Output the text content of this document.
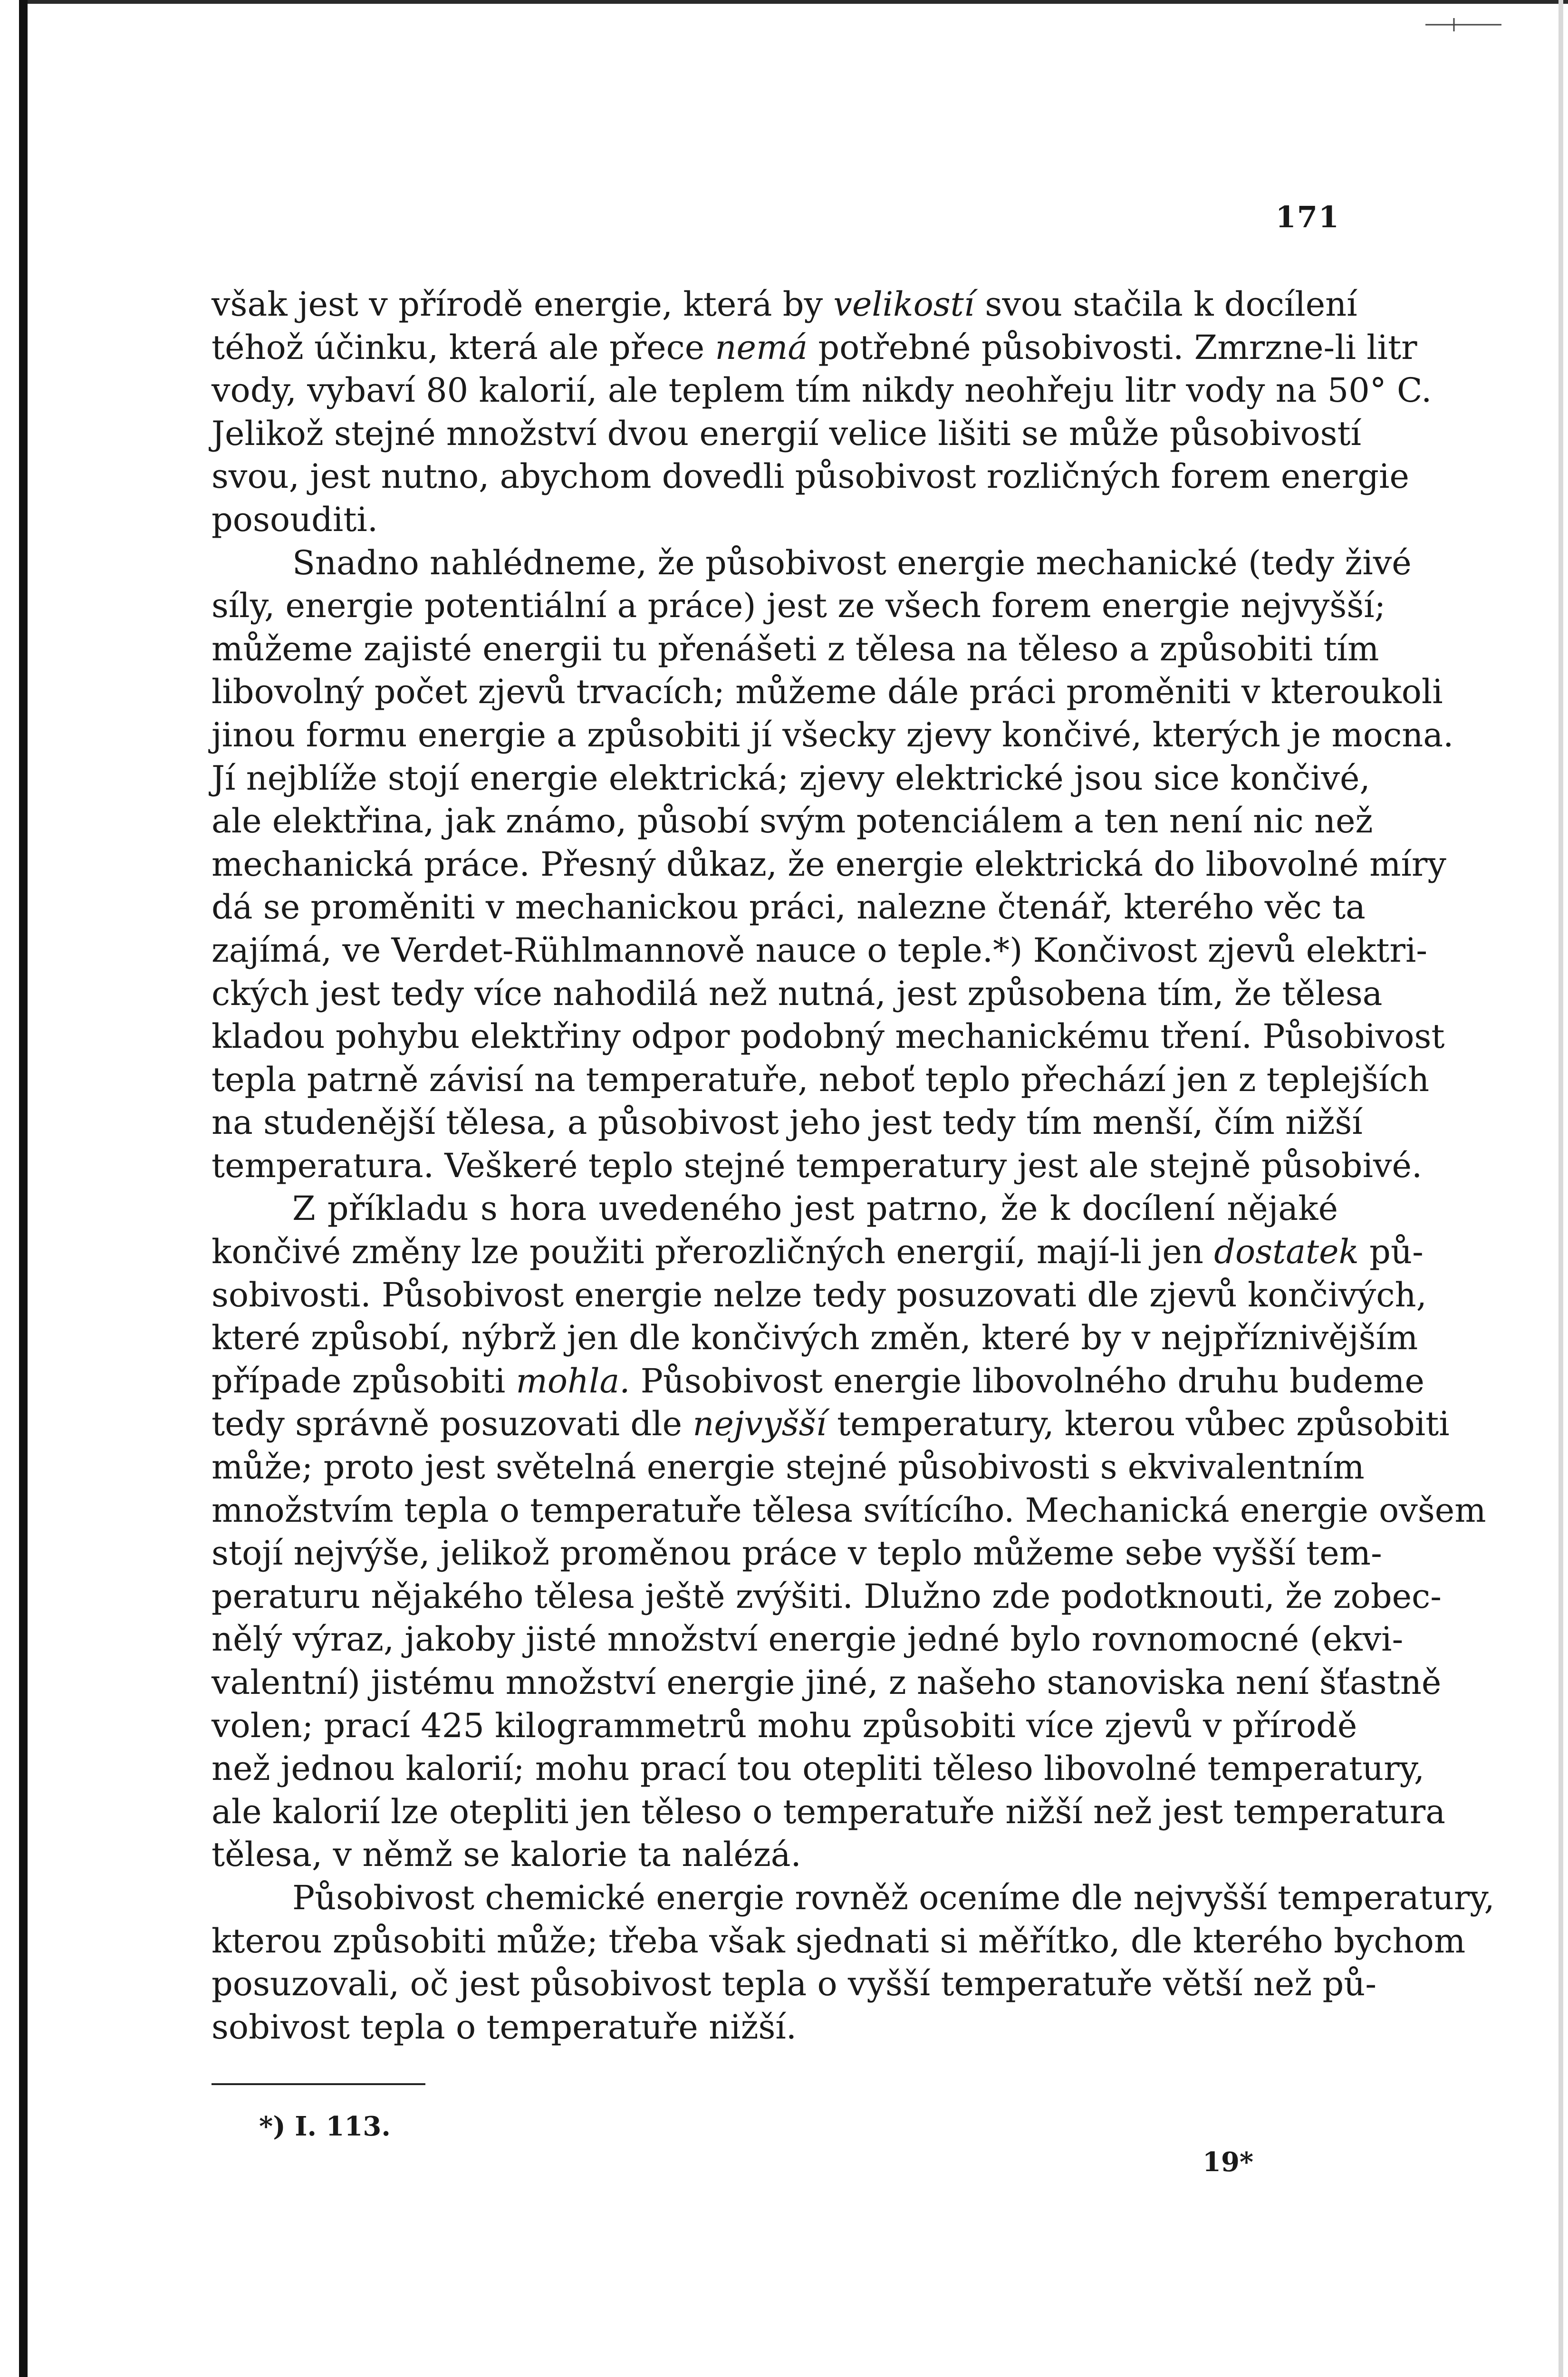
171

však jest v přírodě energie, která by velikostí svou stačila k docílení
téhož účinku, která ale přece nemá potřebné působivosti. Zmrzne-li litr
vody, vybaví 80 kalorií, ale teplem tím nikdy neohřeju litr vody na 50° C.
Jelikož stejné množství dvou energií velice lišiti se může působivostí
svou, jest nutno, abychom dovedli působivost rozličných forem energie
posouditi.

Snadno nahlédneme, že působivost energie mechanické (tedy živé
síly, energie potentiální a práce) jest ze všech forem energie nejvyšší;
můžeme zajisté energii tu přenášeti z tělesa na těleso a způsobiti tím
libovolný počet zjevů trvacích; můžeme dále práci proměniti v kteroukoli
jinou formu energie a způsobiti jí všecky zjevy končivé, kterých je mocna.
Jí nejblíže stojí energie elektrická; zjevy elektrické jsou sice končivé,
ale elektřina, jak známo, působí svým potenciálem a ten není nic než
mechanická práce. Přesný důkaz, že energie elektrická do libovolné míry
dá se proměniti v mechanickou práci, nalezne čtenář, kterého věc ta
zajímá, ve Verdet-Rühlmannově nauce o teple.*) Končivost zjevů elektri-
ckých jest tedy více nahodilá než nutná, jest způsobena tím, že tělesa
kladou pohybu elektřiny odpor podobný mechanickému tření. Působivost
tepla patrně závisí na temperatuře, neboť teplo přechází jen z teplejších
na studenější tělesa, a působivost jeho jest tedy tím menší, čím nižší
temperatura. Veškeré teplo stejné temperatury jest ale stejně působivé.

Z příkladu s hora uvedeného jest patrno, že k docílení nějaké
končivé změny lze použiti přerozličných energií, mají-li jen dostatek pů-
sobivosti. Působivost energie nelze tedy posuzovati dle zjevů končivých,
které způsobí, nýbrž jen dle končivých změn, které by v nejpříznivějším
případe způsobiti mohla. Působivost energie libovolného druhu budeme
tedy správně posuzovati dle nejvyšší temperatury, kterou vůbec způsobiti
může; proto jest světelná energie stejné působivosti s ekvivalentním
množstvím tepla o temperatuře tělesa svítícího. Mechanická energie ovšem
stojí nejvýše, jelikož proměnou práce v teplo můžeme sebe vyšší tem-
peraturu nějakého tělesa ještě zvýšiti. Dlužno zde podotknouti, že zobec-
nělý výraz, jakoby jisté množství energie jedné bylo rovnomocné (ekvi-
valentní) jistému množství energie jiné, z našeho stanoviska není šťastně
volen; prací 425 kilogrammetrů mohu způsobiti více zjevů v přírodě
než jednou kalorií; mohu prací tou otepliti těleso libovolné temperatury,
ale kalorií lze otepliti jen těleso o temperatuře nižší než jest temperatura
tělesa, v němž se kalorie ta nalézá.

Působivost chemické energie rovněž oceníme dle nejvyšší temperatury,
kterou způsobiti může; třeba však sjednati si měřítko, dle kterého bychom
posuzovali, oč jest působivost tepla o vyšší temperatuře větší než pů-
sobivost tepla o temperatuře nižší.

*) I. 113.
19*
